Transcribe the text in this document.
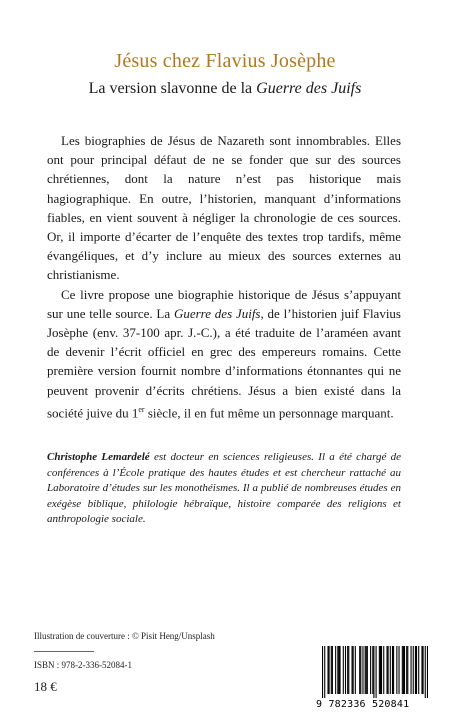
Jésus chez Flavius Josèphe
La version slavonne de la Guerre des Juifs

Les biographies de Jésus de Nazareth sont innombrables. Elles ont pour principal défaut de ne se fonder que sur des sources chrétiennes, dont la nature n’est pas historique mais hagiographique. En outre, l’historien, manquant d’informations fiables, en vient souvent à négliger la chronologie de ces sources. Or, il importe d’écarter de l’enquête des textes trop tardifs, même évangéliques, et d’y inclure au mieux des sources externes au christianisme.

Ce livre propose une biographie historique de Jésus s’appuyant sur une telle source. La Guerre des Juifs, de l’historien juif Flavius Josèphe (env. 37-100 apr. J.-C.), a été traduite de l’araméen avant de devenir l’écrit officiel en grec des empereurs romains. Cette première version fournit nombre d’informations étonnantes qui ne peuvent provenir d’écrits chrétiens. Jésus a bien existé dans la société juive du 1er siècle, il en fut même un personnage marquant.

Christophe Lemardelé est docteur en sciences religieuses. Il a été chargé de conférences à l’École pratique des hautes études et est chercheur rattaché au Laboratoire d’études sur les monothéismes. Il a publié de nombreuses études en exégèse biblique, philologie hébraïque, histoire comparée des religions et anthropologie sociale.

Illustration de couverture : © Pisit Heng/Unsplash
ISBN : 978-2-336-52084-1
18 €
9 782336 520841
